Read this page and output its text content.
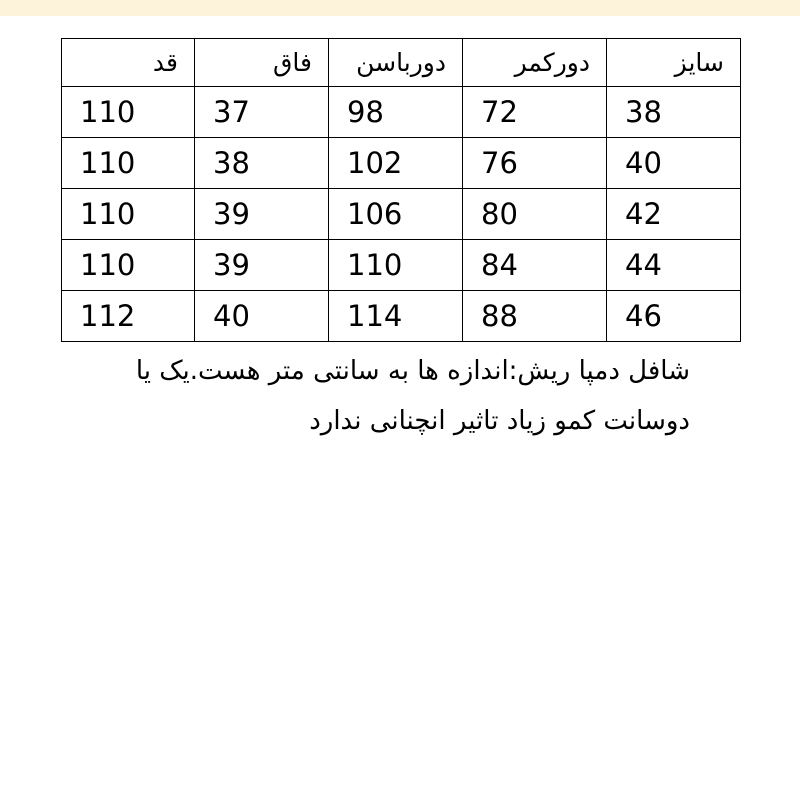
سایز	دورکمر	دورباسن	فاق	قد
38	72	98	37	110
40	76	102	38	110
42	80	106	39	110
44	84	110	39	110
46	88	114	40	112
شافل دمپا ریش:اندازه ها به سانتی متر هست.یک یا
دوسانت کمو زیاد تاثیر انچنانی ندارد
